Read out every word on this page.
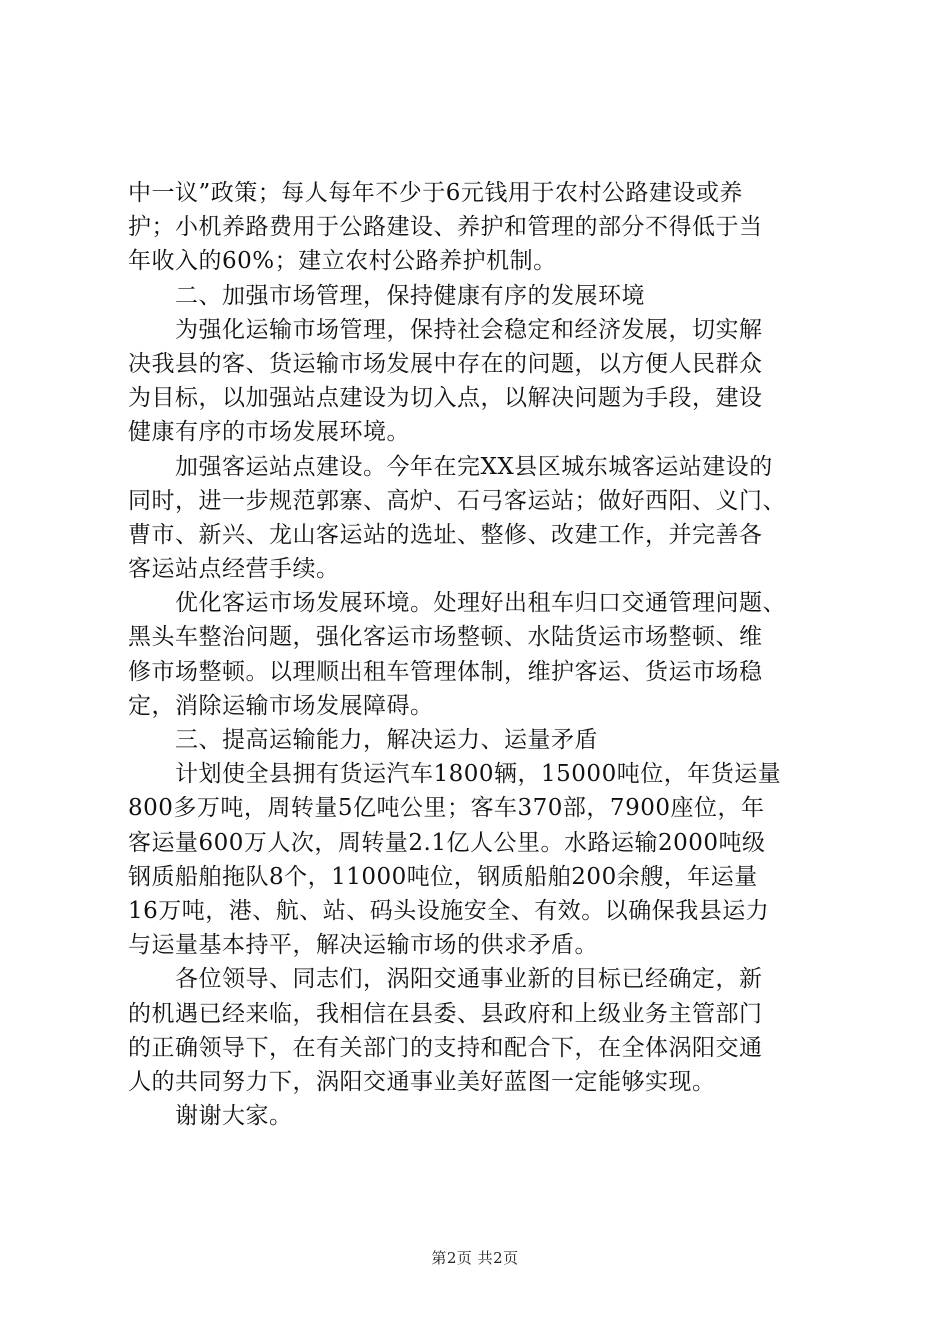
中一议”政策；每人每年不少于6元钱用于农村公路建设或养
护；小机养路费用于公路建设、养护和管理的部分不得低于当
年收入的60%；建立农村公路养护机制。
二、加强市场管理，保持健康有序的发展环境
为强化运输市场管理，保持社会稳定和经济发展，切实解
决我县的客、货运输市场发展中存在的问题，以方便人民群众
为目标，以加强站点建设为切入点，以解决问题为手段，建设
健康有序的市场发展环境。
加强客运站点建设。今年在完XX县区城东城客运站建设的
同时，进一步规范郭寨、高炉、石弓客运站；做好西阳、义门、
曹市、新兴、龙山客运站的选址、整修、改建工作，并完善各
客运站点经营手续。
优化客运市场发展环境。处理好出租车归口交通管理问题、
黑头车整治问题，强化客运市场整顿、水陆货运市场整顿、维
修市场整顿。以理顺出租车管理体制，维护客运、货运市场稳
定，消除运输市场发展障碍。
三、提高运输能力，解决运力、运量矛盾
计划使全县拥有货运汽车1800辆，15000吨位，年货运量
800多万吨，周转量5亿吨公里；客车370部，7900座位，年
客运量600万人次，周转量2.1亿人公里。水路运输2000吨级
钢质船舶拖队8个，11000吨位，钢质船舶200余艘，年运量
16万吨，港、航、站、码头设施安全、有效。以确保我县运力
与运量基本持平，解决运输市场的供求矛盾。
各位领导、同志们，涡阳交通事业新的目标已经确定，新
的机遇已经来临，我相信在县委、县政府和上级业务主管部门
的正确领导下，在有关部门的支持和配合下，在全体涡阳交通
人的共同努力下，涡阳交通事业美好蓝图一定能够实现。
谢谢大家。
第2页 共2页
